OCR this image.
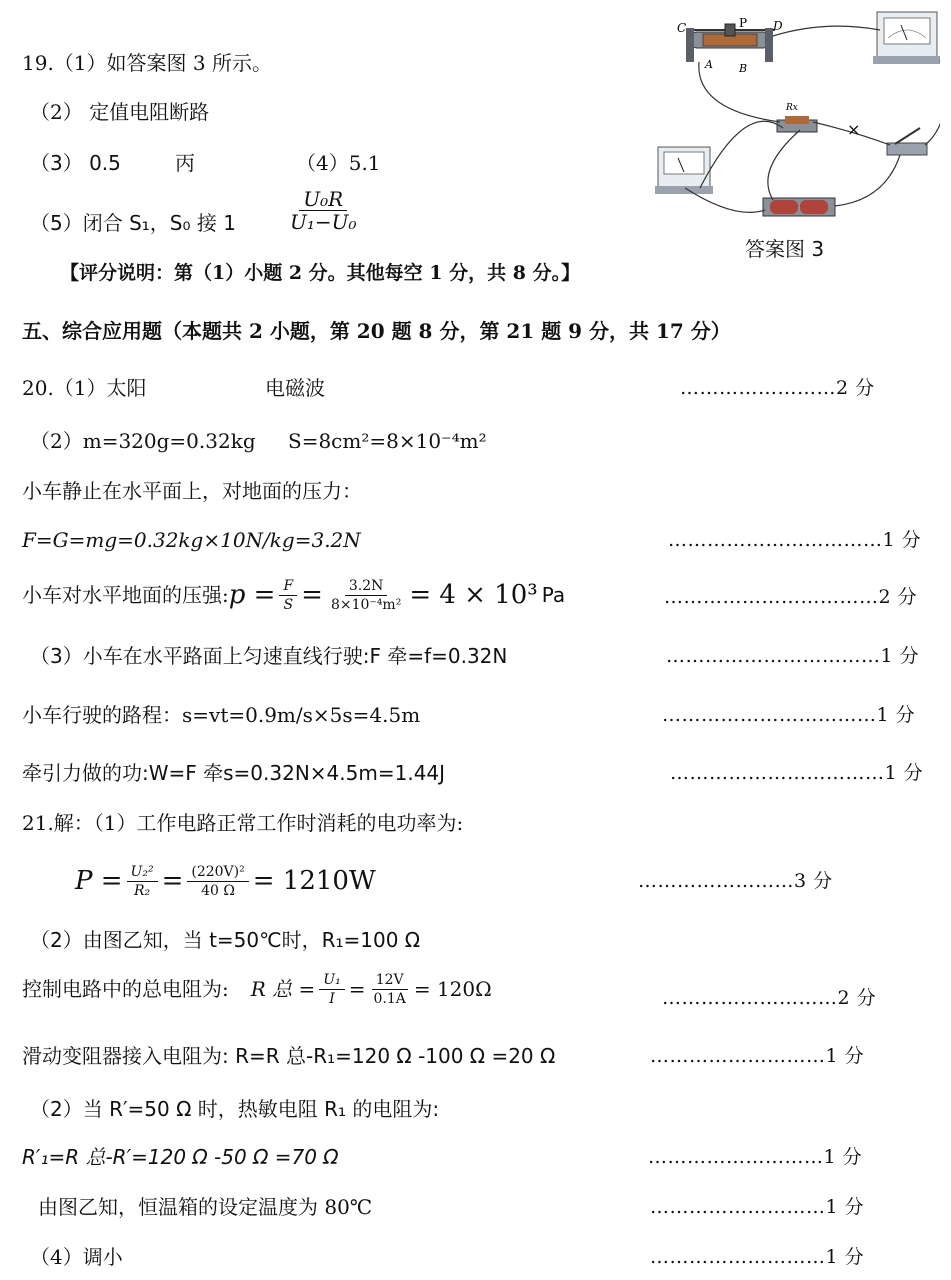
19.（1）如答案图 3 所示。
（2） 定值电阻断路
（3） 0.5	丙	（4）5.1
（5）闭合 S₁，S₀ 接 1	$\frac{\text{U₀R}}{\text{U₁−U₀}}$
【评分说明：第（1）小题 2 分。其他每空 1 分，共 8 分。】
C	P D
A B
Rx
×
答案图 3
五、综合应用题（本题共 2 小题，第 20 题 8 分，第 21 题 9 分，共 17 分）
20.（1）太阳	电磁波	……………………2 分
（2）m=320g=0.32kg S=8cm²=8×10⁻⁴m²
小车静止在水平面上，对地面的压力：
F=G=mg=0.32kg×10N/kg=3.2N	……………………………1 分
小车对水平地面的压强: $p = \frac{F}{S} = \frac{3.2N}{\text{8×10⁻⁴m²}} = 4 \times 10^3$ Pa	……………………………2 分
（3）小车在水平路面上匀速直线行驶:F 牵=f=0.32N	……………………………1 分
小车行驶的路程：s=vt=0.9m/s×5s=4.5m	……………………………1 分
牵引力做的功:W=F 牵s=0.32N×4.5m=1.44J	……………………………1 分
21.解：（1）工作电路正常工作时消耗的电功率为:
$P = \frac{\text{U₂²}}{\text{R₂}} = \frac{\text{(220V)²}}{40 \Omega} = 1210W$	……………………3 分
（2）由图乙知，当 t=50℃时，R₁=100 Ω
控制电路中的总电阻为: R 总 = $\frac{\text{U₁}}{I} = \frac{12V}{0.1A} = 120\Omega$	………………………2 分
滑动变阻器接入电阻为: R=R 总-R₁=120 Ω -100 Ω =20 Ω	………………………1 分
（2）当 R′=50 Ω 时，热敏电阻 R₁ 的电阻为:
R′₁=R 总-R′=120 Ω -50 Ω =70 Ω	………………………1 分
由图乙知，恒温箱的设定温度为 80℃	………………………1 分
（4）调小	………………………1 分
